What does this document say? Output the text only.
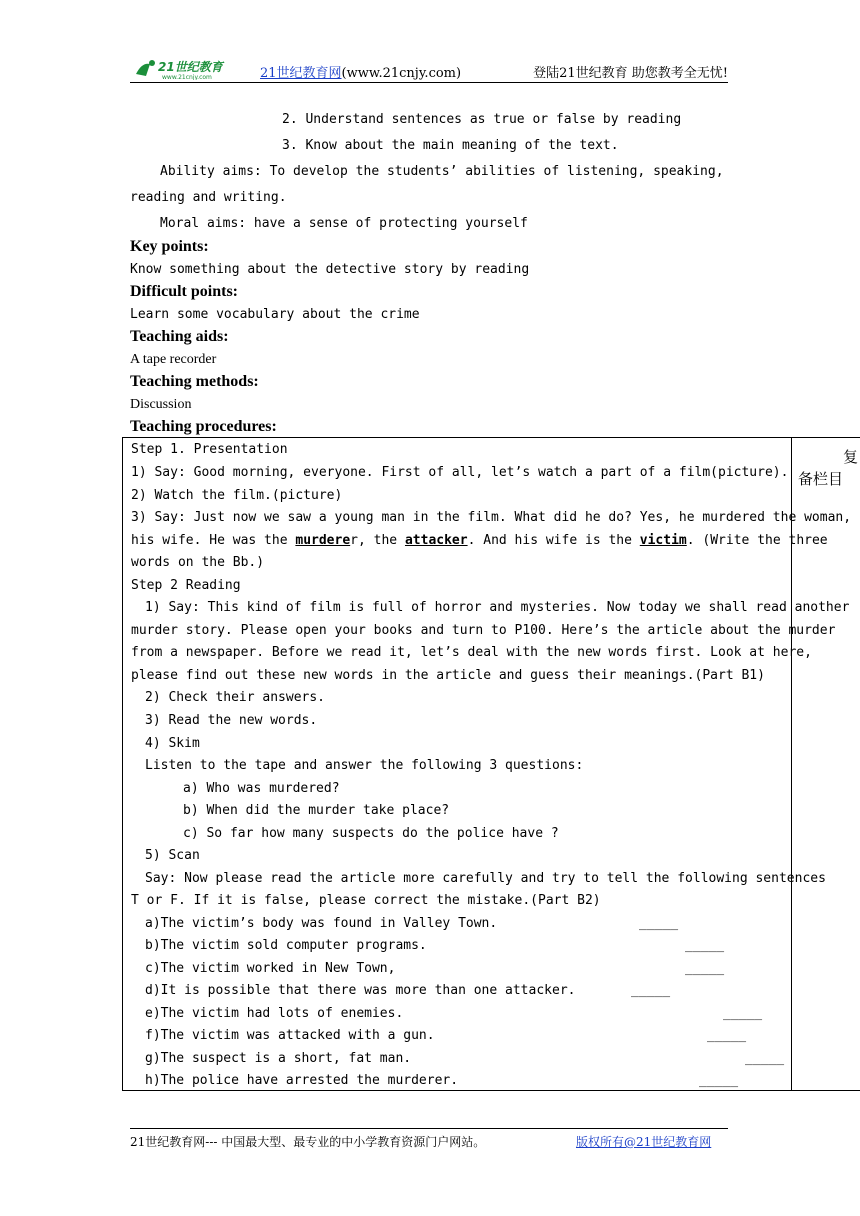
21世纪教育
www.21cnjy.com	21世纪教育网(www.21cnjy.com)	登陆21世纪教育 助您教考全无忧!
2. Understand sentences as true or false by reading
3. Know about the main meaning of the text.
Ability aims: To develop the students’ abilities of listening, speaking,
reading and writing.
Moral aims: have a sense of protecting yourself
Key points:
Know something about the detective story by reading
Difficult points:
Learn some vocabulary about the crime
Teaching aids:
A tape recorder
Teaching methods:
Discussion
Teaching procedures:
复
备栏目
Step 1. Presentation
1) Say: Good morning, everyone. First of all, let’s watch a part of a film(picture).
2) Watch the film.(picture)
3) Say: Just now we saw a young man in the film. What did he do? Yes, he murdered the woman,
his wife. He was the murderer, the attacker. And his wife is the victim. (Write the three
words on the Bb.)
Step 2 Reading
1) Say: This kind of film is full of horror and mysteries. Now today we shall read another
murder story. Please open your books and turn to P100. Here’s the article about the murder
from a newspaper. Before we read it, let’s deal with the new words first. Look at here,
please find out these new words in the article and guess their meanings.(Part B1)
2) Check their answers.
3) Read the new words.
4) Skim
Listen to the tape and answer the following 3 questions:
a) Who was murdered?
b) When did the murder take place?
c) So far how many suspects do the police have ?
5) Scan
Say: Now please read the article more carefully and try to tell the following sentences
T or F. If it is false, please correct the mistake.(Part B2)
a)The victim’s body was found in Valley Town.	_____
b)The victim sold computer programs.	_____
c)The victim worked in New Town,	_____
d)It is possible that there was more than one attacker.	_____
e)The victim had lots of enemies.	_____
f)The victim was attacked with a gun.	_____
g)The suspect is a short, fat man.	_____
h)The police have arrested the murderer.	_____
21世纪教育网--- 中国最大型、最专业的中小学教育资源门户网站。	版权所有@21世纪教育网
